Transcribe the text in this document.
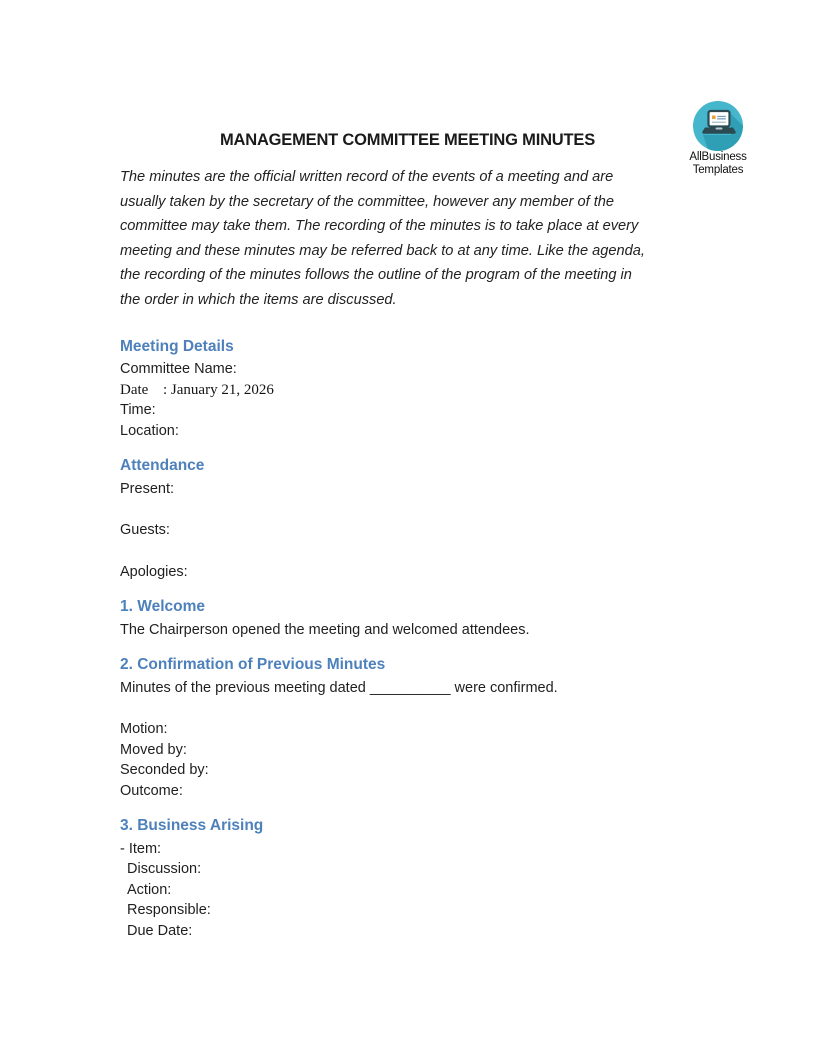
AllBusiness
Templates
MANAGEMENT COMMITTEE MEETING MINUTES
The minutes are the official written record of the events of a meeting and are
usually taken by the secretary of the committee, however any member of the
committee may take them. The recording of the minutes is to take place at every
meeting and these minutes may be referred back to at any time. Like the agenda,
the recording of the minutes follows the outline of the program of the meeting in
the order in which the items are discussed.
Meeting Details
Committee Name:
Date : January 21, 2026
Time:
Location:
Attendance
Present:
Guests:
Apologies:
1. Welcome
The Chairperson opened the meeting and welcomed attendees.
2. Confirmation of Previous Minutes
Minutes of the previous meeting dated __________ were confirmed.
Motion:
Moved by:
Seconded by:
Outcome:
3. Business Arising
- Item:
Discussion:
Action:
Responsible:
Due Date:
